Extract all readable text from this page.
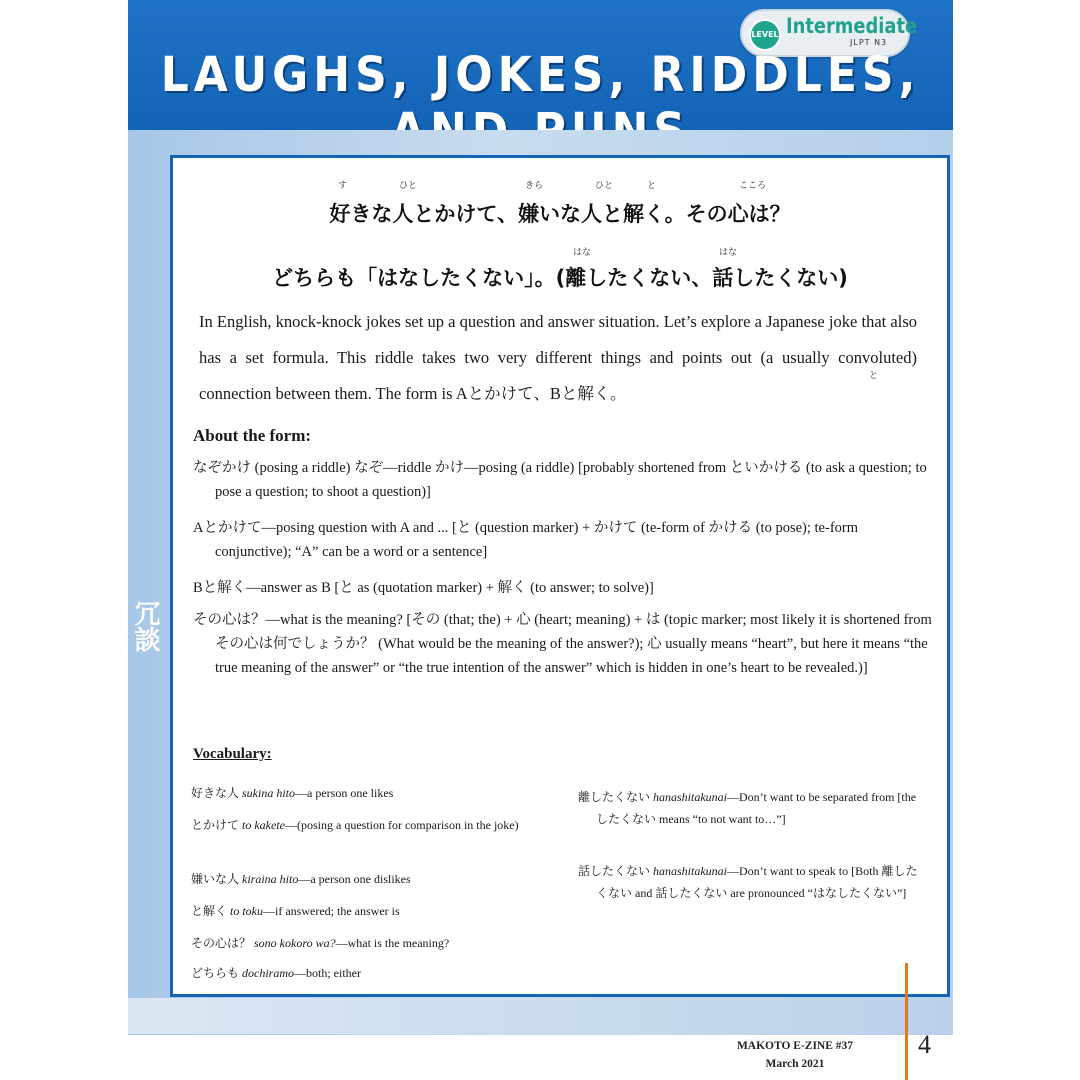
LEVEL Intermediate
JLPT N3
LAUGHS, JOKES, RIDDLES,
冗談
す	ひと	きら	ひと	と	こころ
好きな人とかけて、嫌いな人と解く。その心は？
はな	はな
どちらも「はなしたくない」。(離したくない、話したくない)
と
In English, knock-knock jokes set up a question and answer situation. Let’s explore a Japanese joke that also has a set formula. This riddle takes two very different things and points out (a usually convoluted) connection between them. The form is Aとかけて、Bと解く。
About the form:
なぞかけ (posing a riddle) なぞ—riddle かけ—posing (a riddle) [probably shortened from といかける (to ask a question; to pose a question; to shoot a question)]
Aとかけて—posing question with A and ... [と (question marker) + かけて (te-form of かける (to pose); te-form conjunctive); “A” can be a word or a sentence]
Bと解く—answer as B [と as (quotation marker) + 解く (to answer; to solve)]
その心は？—what is the meaning? [その (that; the) + 心 (heart; meaning) + は (topic marker; most likely it is shortened from その心は何でしょうか？ (What would be the meaning of the answer?); 心 usually means “heart”, but here it means “the true meaning of the answer” or “the true intention of the answer” which is hidden in one’s heart to be revealed.)]
Vocabulary:
好きな人 sukina hito—a person one likes
とかけて to kakete—(posing a question for comparison in the joke)
嫌いな人 kiraina hito—a person one dislikes
と解く to toku—if answered; the answer is
その心は？ sono kokoro wa?—what is the meaning?
どちらも dochiramo—both; either
離したくない hanashitakunai—Don’t want to be separated from [the したくない means “to not want to…”]
話したくない hanashitakunai—Don’t want to speak to [Both 離したくない and 話したくない are pronounced “はなしたくない”]
MAKOTO E-ZINE #37
March 2021
4
